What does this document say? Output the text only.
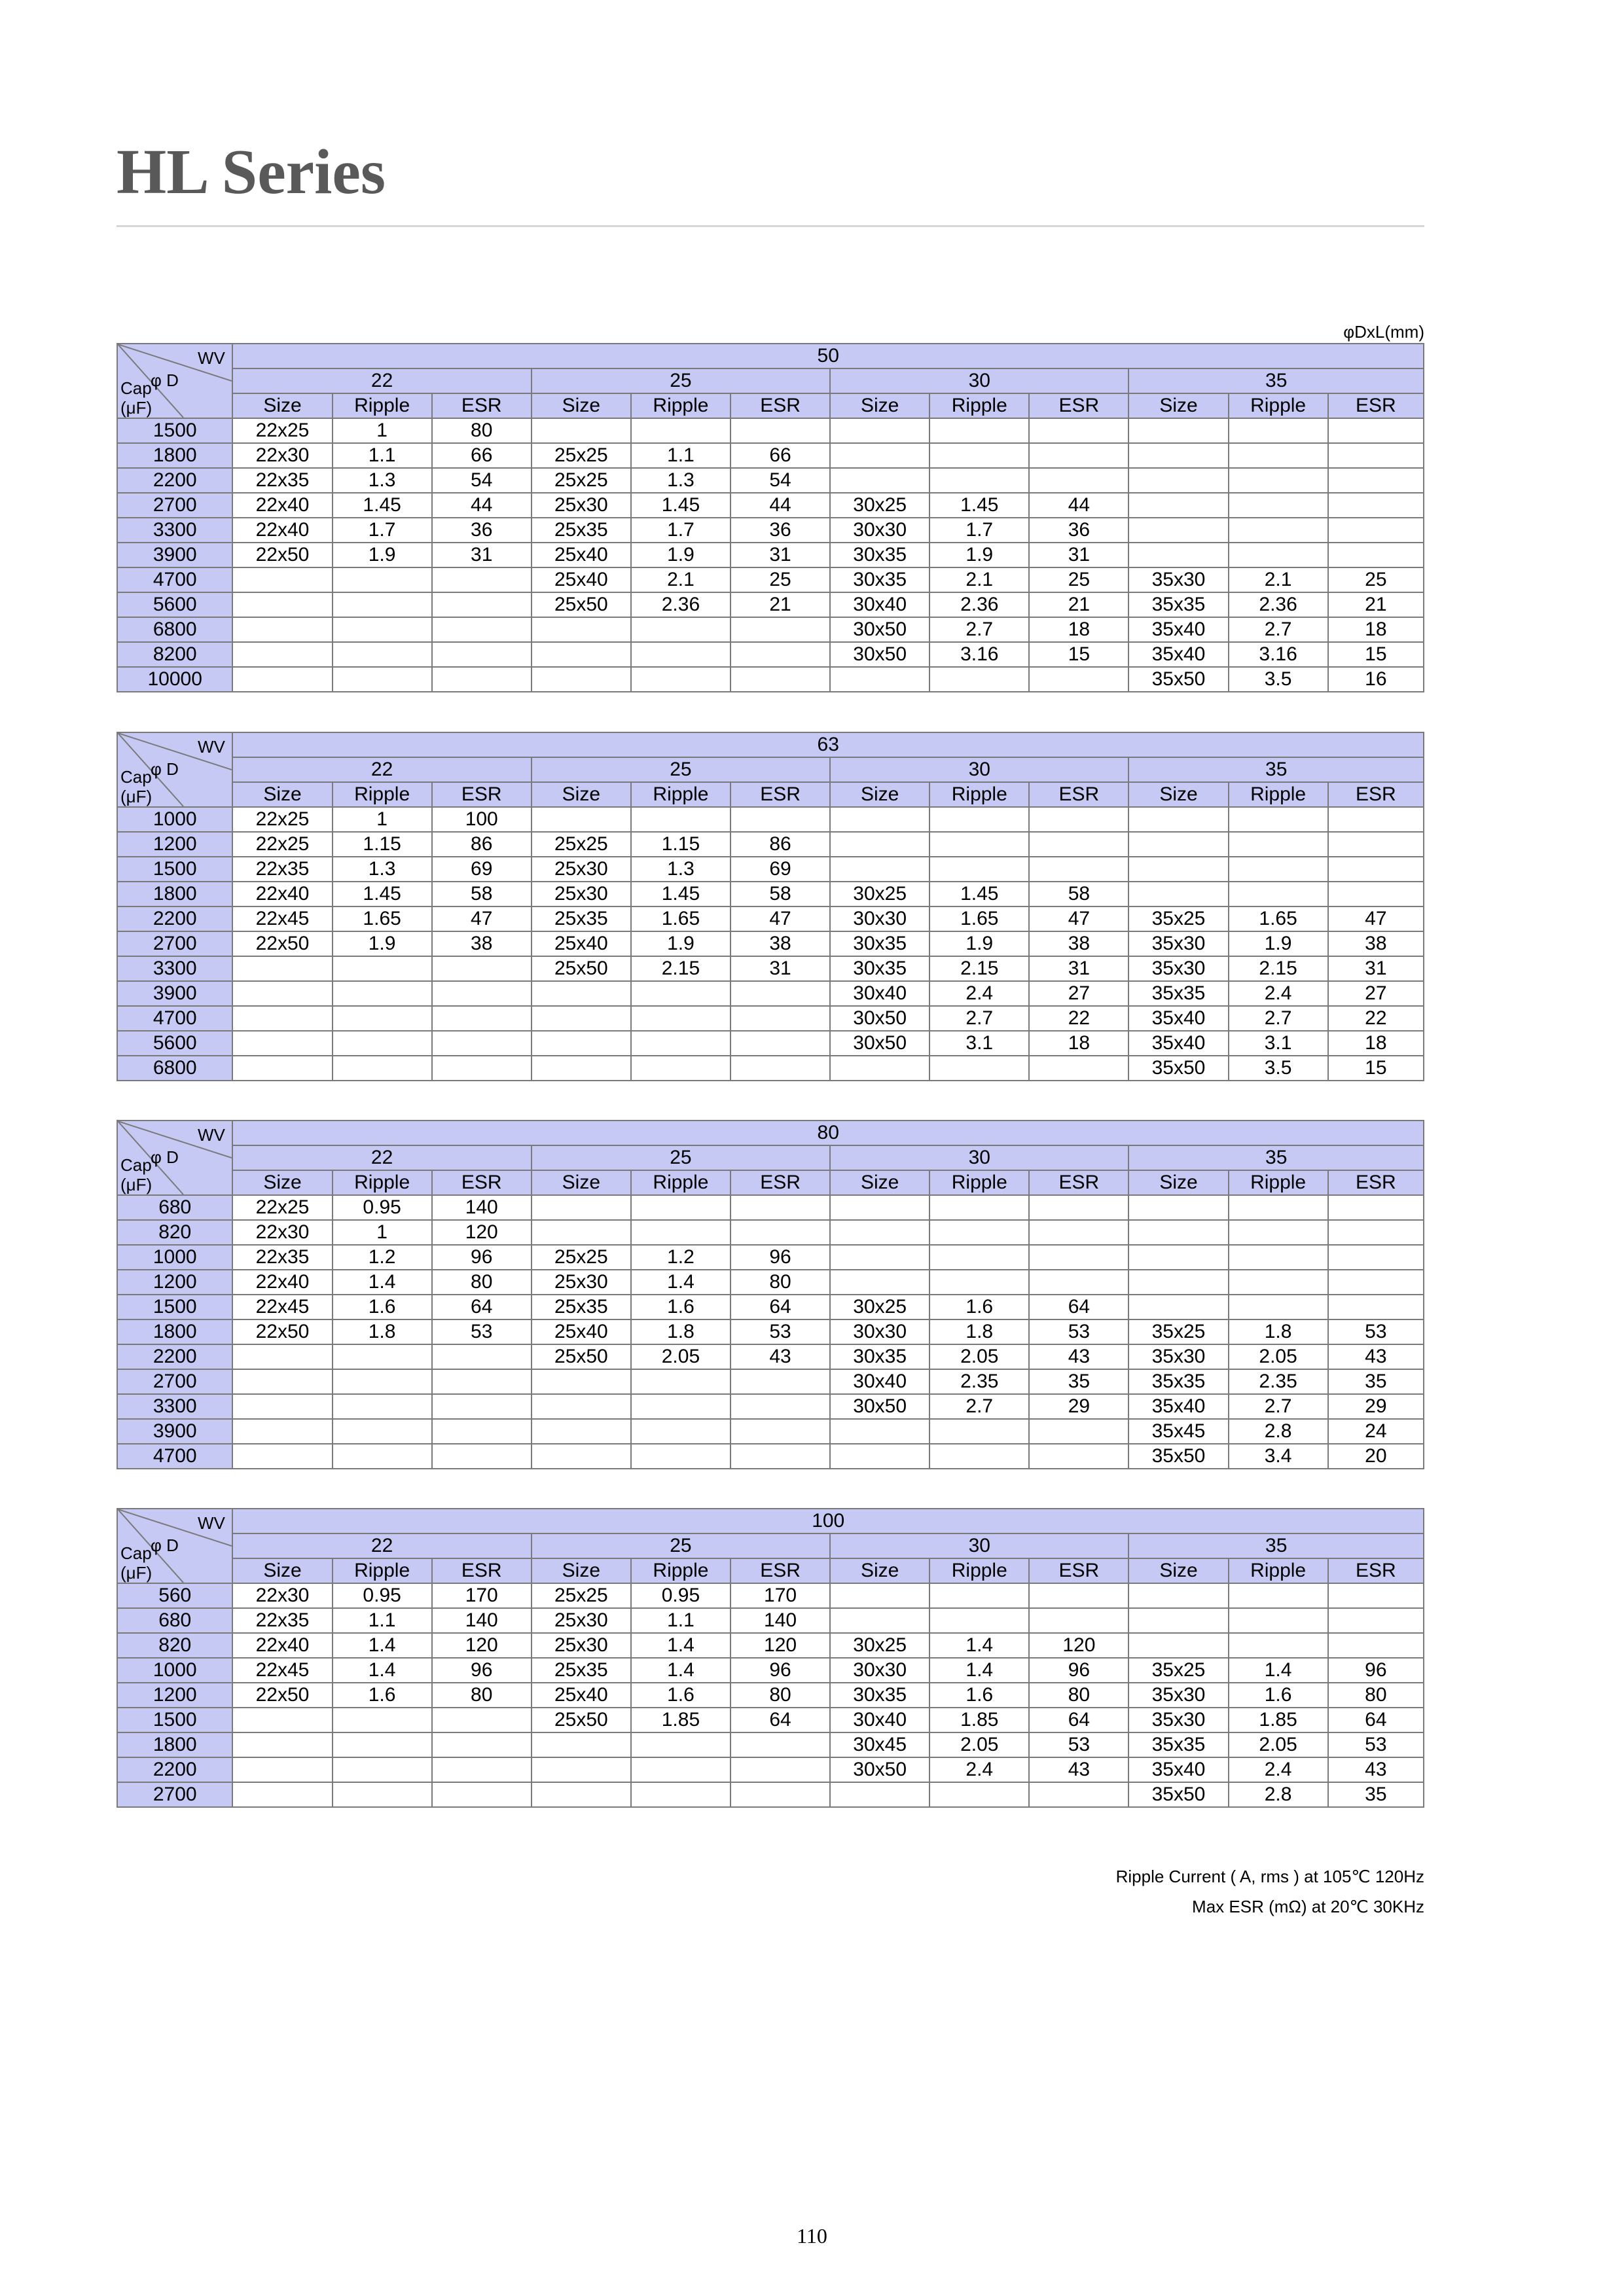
HL Series
φDxL(mm)
WV
φ D
Cap
(μF)	50											
	22			25			30			35		
	Size	Ripple	ESR	Size	Ripple	ESR	Size	Ripple	ESR	Size	Ripple	ESR
1500	22x25	1	80									
1800	22x30	1.1	66	25x25	1.1	66						
2200	22x35	1.3	54	25x25	1.3	54						
2700	22x40	1.45	44	25x30	1.45	44	30x25	1.45	44			
3300	22x40	1.7	36	25x35	1.7	36	30x30	1.7	36			
3900	22x50	1.9	31	25x40	1.9	31	30x35	1.9	31			
4700				25x40	2.1	25	30x35	2.1	25	35x30	2.1	25
5600				25x50	2.36	21	30x40	2.36	21	35x35	2.36	21
6800							30x50	2.7	18	35x40	2.7	18
8200							30x50	3.16	15	35x40	3.16	15
10000										35x50	3.5	16
WV
φ D
Cap
(μF)	63											
	22			25			30			35		
	Size	Ripple	ESR	Size	Ripple	ESR	Size	Ripple	ESR	Size	Ripple	ESR
1000	22x25	1	100									
1200	22x25	1.15	86	25x25	1.15	86						
1500	22x35	1.3	69	25x30	1.3	69						
1800	22x40	1.45	58	25x30	1.45	58	30x25	1.45	58			
2200	22x45	1.65	47	25x35	1.65	47	30x30	1.65	47	35x25	1.65	47
2700	22x50	1.9	38	25x40	1.9	38	30x35	1.9	38	35x30	1.9	38
3300				25x50	2.15	31	30x35	2.15	31	35x30	2.15	31
3900							30x40	2.4	27	35x35	2.4	27
4700							30x50	2.7	22	35x40	2.7	22
5600							30x50	3.1	18	35x40	3.1	18
6800										35x50	3.5	15
WV
φ D
Cap
(μF)	80											
	22			25			30			35		
	Size	Ripple	ESR	Size	Ripple	ESR	Size	Ripple	ESR	Size	Ripple	ESR
680	22x25	0.95	140									
820	22x30	1	120									
1000	22x35	1.2	96	25x25	1.2	96						
1200	22x40	1.4	80	25x30	1.4	80						
1500	22x45	1.6	64	25x35	1.6	64	30x25	1.6	64			
1800	22x50	1.8	53	25x40	1.8	53	30x30	1.8	53	35x25	1.8	53
2200				25x50	2.05	43	30x35	2.05	43	35x30	2.05	43
2700							30x40	2.35	35	35x35	2.35	35
3300							30x50	2.7	29	35x40	2.7	29
3900										35x45	2.8	24
4700										35x50	3.4	20
WV
φ D
Cap
(μF)	100											
	22			25			30			35		
	Size	Ripple	ESR	Size	Ripple	ESR	Size	Ripple	ESR	Size	Ripple	ESR
560	22x30	0.95	170	25x25	0.95	170						
680	22x35	1.1	140	25x30	1.1	140						
820	22x40	1.4	120	25x30	1.4	120	30x25	1.4	120			
1000	22x45	1.4	96	25x35	1.4	96	30x30	1.4	96	35x25	1.4	96
1200	22x50	1.6	80	25x40	1.6	80	30x35	1.6	80	35x30	1.6	80
1500				25x50	1.85	64	30x40	1.85	64	35x30	1.85	64
1800							30x45	2.05	53	35x35	2.05	53
2200							30x50	2.4	43	35x40	2.4	43
2700										35x50	2.8	35
Ripple Current ( A, rms ) at 105℃ 120Hz
Max ESR (mΩ) at 20℃ 30KHz
110
